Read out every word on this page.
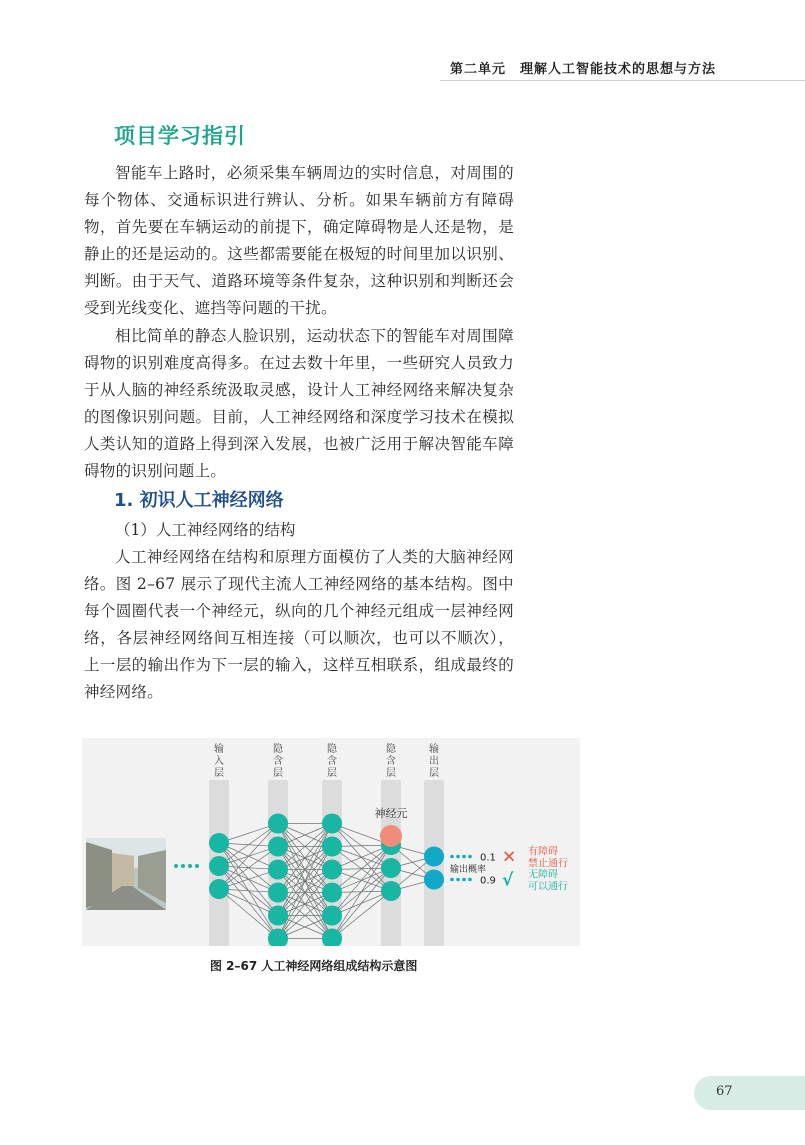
第二单元　理解人工智能技术的思想与方法
项目学习指引

智能车上路时，必须采集车辆周边的实时信息，对周围的每个物体、交通标识进行辨认、分析。如果车辆前方有障碍物，首先要在车辆运动的前提下，确定障碍物是人还是物，是静止的还是运动的。这些都需要能在极短的时间里加以识别、判断。由于天气、道路环境等条件复杂，这种识别和判断还会受到光线变化、遮挡等问题的干扰。

相比简单的静态人脸识别，运动状态下的智能车对周围障碍物的识别难度高得多。在过去数十年里，一些研究人员致力于从人脑的神经系统汲取灵感，设计人工神经网络来解决复杂的图像识别问题。目前，人工神经网络和深度学习技术在模拟人类认知的道路上得到深入发展，也被广泛用于解决智能车障碍物的识别问题上。

1. 初识人工神经网络
（1）人工神经网络的结构

人工神经网络在结构和原理方面模仿了人类的大脑神经网络。图 2–67 展示了现代主流人工神经网络的基本结构。图中每个圆圈代表一个神经元，纵向的几个神经元组成一层神经网络，各层神经网络间互相连接（可以顺次，也可以不顺次），上一层的输出作为下一层的输入，这样互相联系，组成最终的神经网络。

输入层
隐含层
隐含层
隐含层
输出层
神经元
0.1 ✕ 有障碍
禁止通行
0.9 √ 无障碍
可以通行
输出概率
图 2–67 人工神经网络组成结构示意图
67
